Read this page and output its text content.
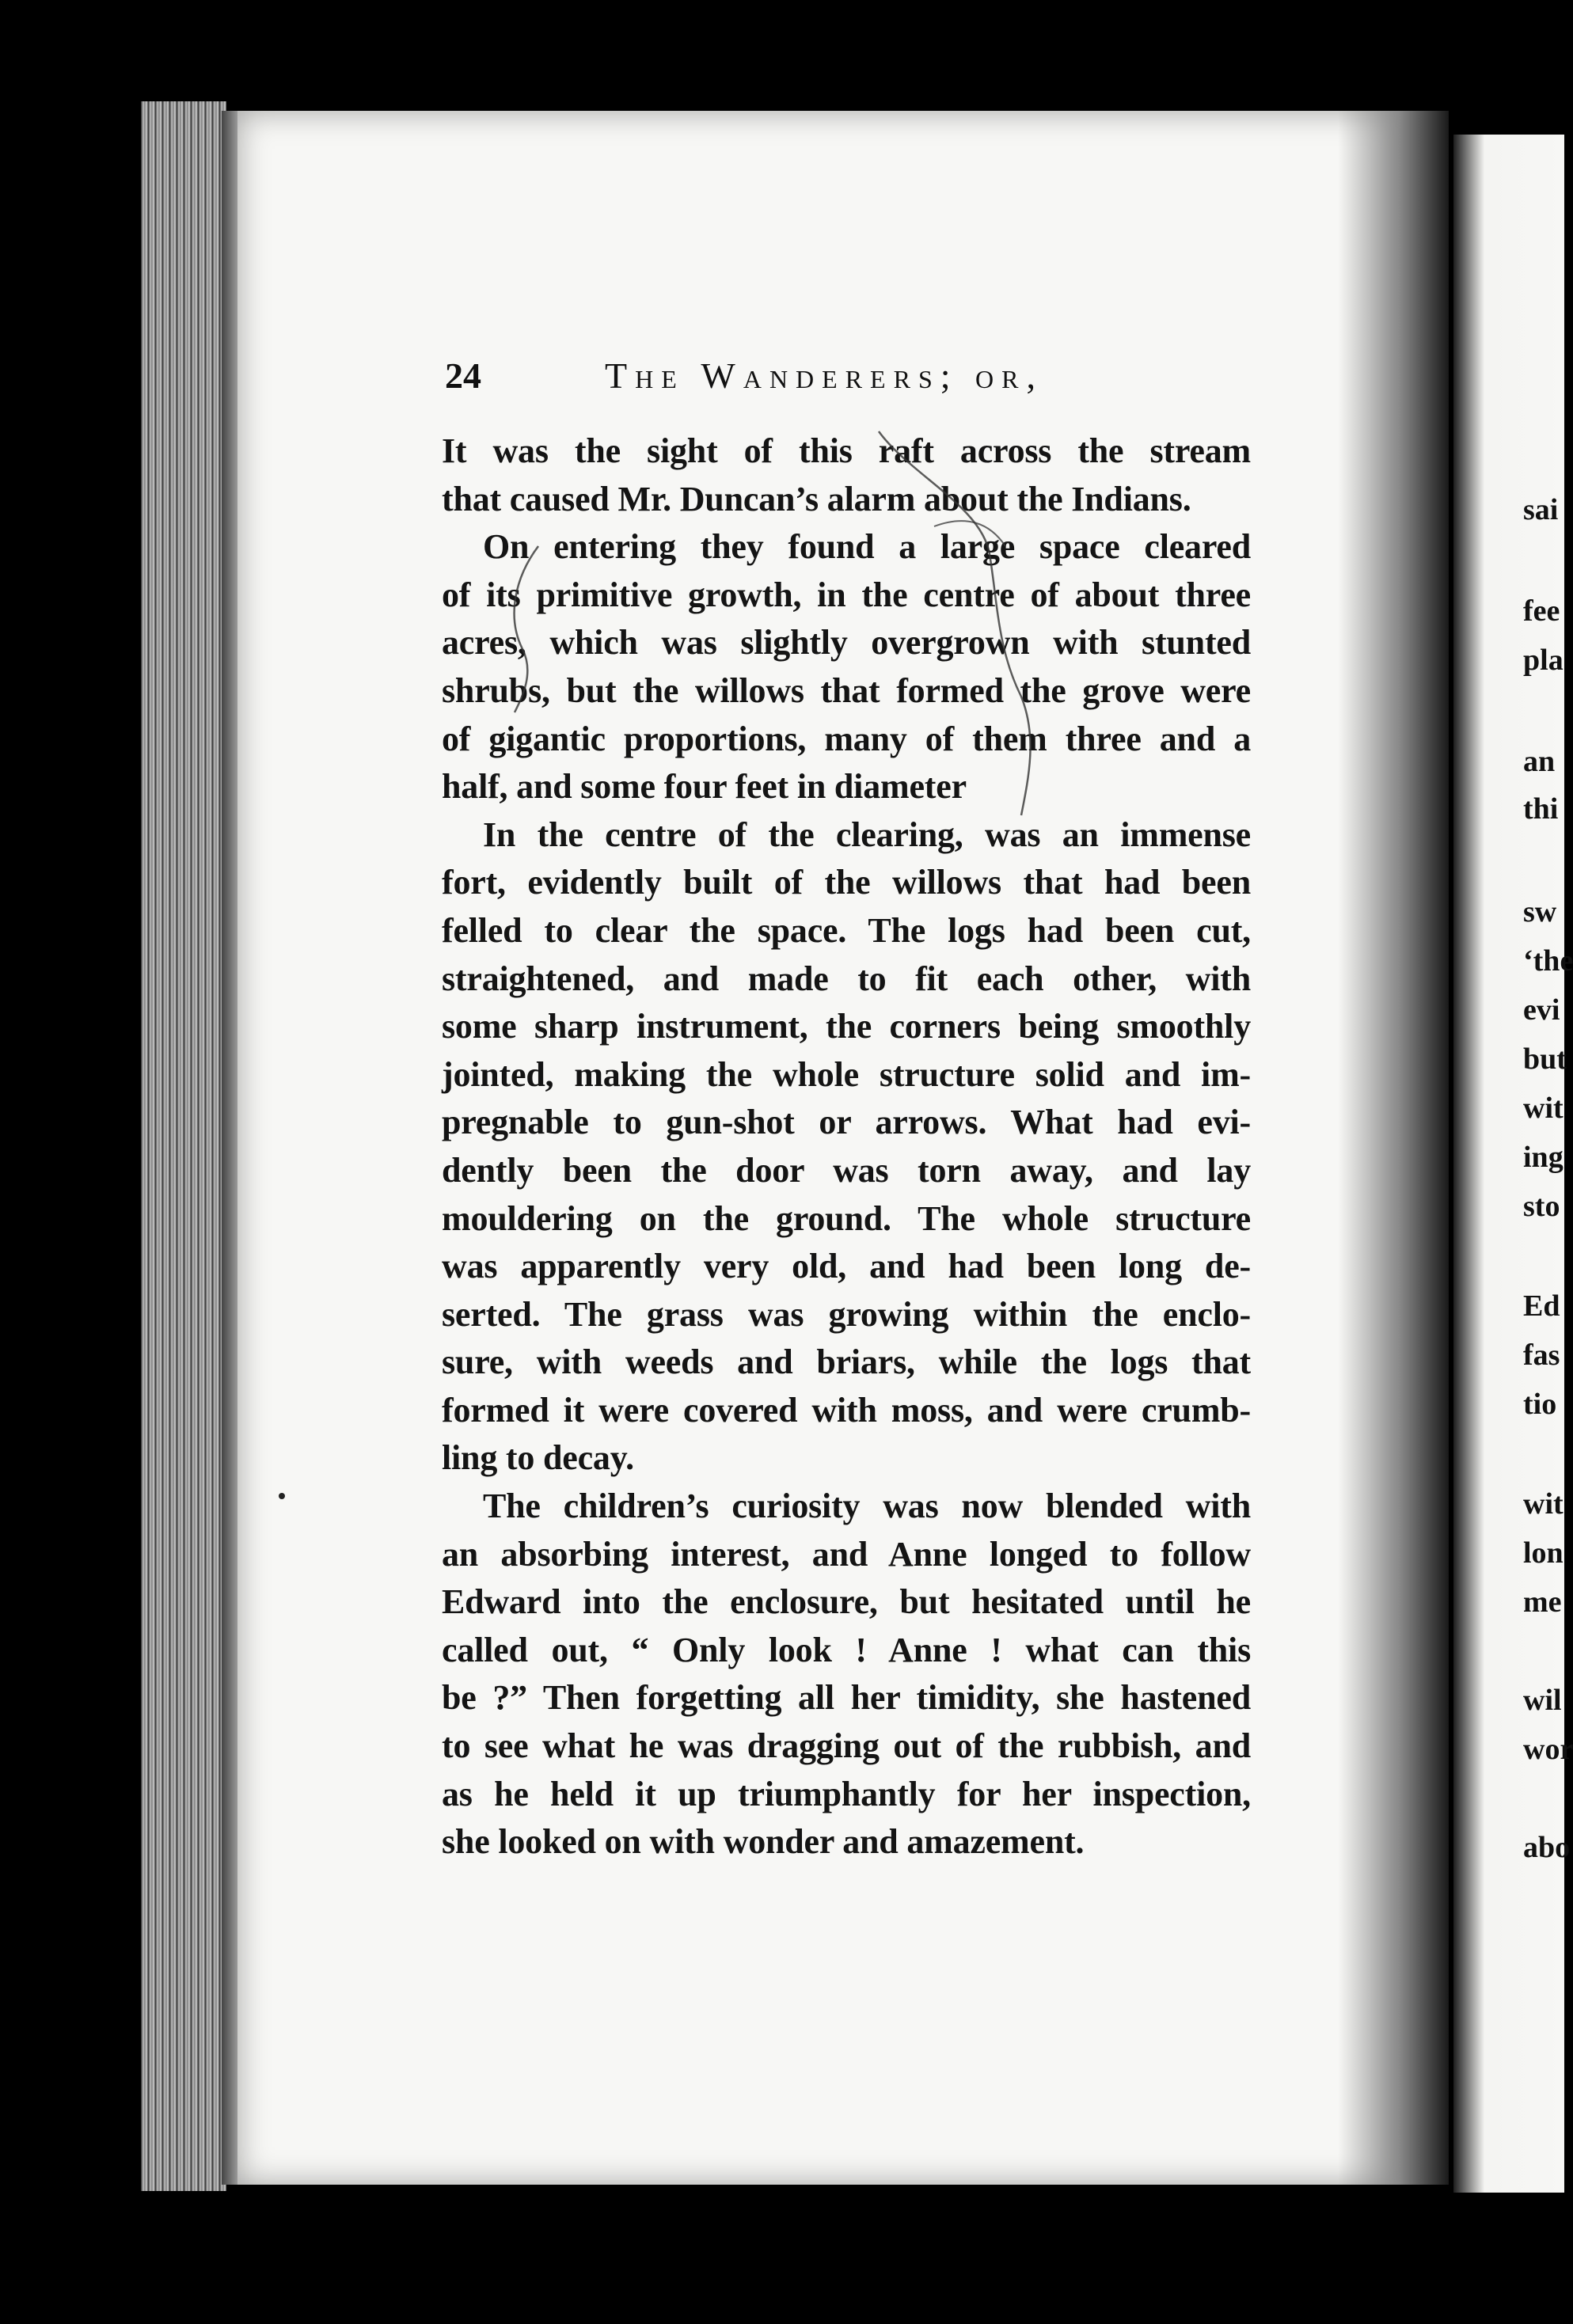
sai
fee
pla
an
thi
sw
‘the
evi
but
wit
ing
sto
Ed
fas
tio
wit
lon
me
wil
wor
abo
24	The Wanderers; or,
It was the sight of this raft across the stream
that caused Mr. Duncan’s alarm about the Indians.
On entering they found a large space cleared
of its primitive growth, in the centre of about three
acres, which was slightly overgrown with stunted
shrubs, but the willows that formed the grove were
of gigantic proportions, many of them three and a
half, and some four feet in diameter
In the centre of the clearing, was an immense
fort, evidently built of the willows that had been
felled to clear the space. The logs had been cut,
straightened, and made to fit each other, with
some sharp instrument, the corners being smoothly
jointed, making the whole structure solid and im-
pregnable to gun-shot or arrows. What had evi-
dently been the door was torn away, and lay
mouldering on the ground. The whole structure
was apparently very old, and had been long de-
serted. The grass was growing within the enclo-
sure, with weeds and briars, while the logs that
formed it were covered with moss, and were crumb-
ling to decay.
The children’s curiosity was now blended with
an absorbing interest, and Anne longed to follow
Edward into the enclosure, but hesitated until he
called out, “ Only look ! Anne ! what can this
be ?” Then forgetting all her timidity, she hastened
to see what he was dragging out of the rubbish, and
as he held it up triumphantly for her inspection,
she looked on with wonder and amazement.
